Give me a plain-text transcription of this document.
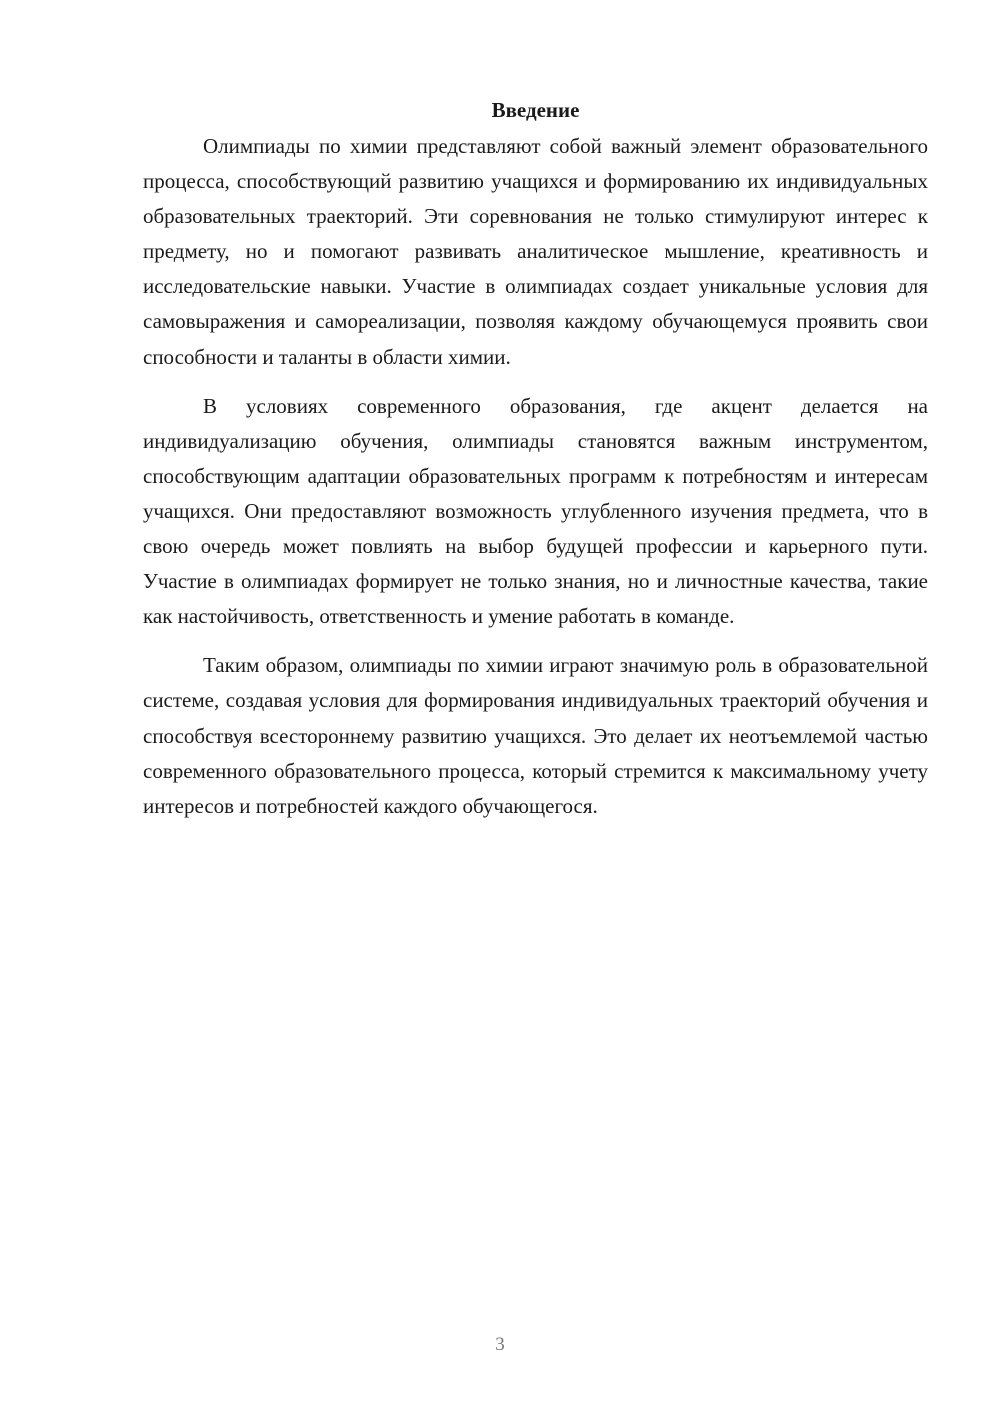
Введение

Олимпиады по химии представляют собой важный элемент образовательного процесса, способствующий развитию учащихся и формированию их индивидуальных образовательных траекторий. Эти соревнования не только стимулируют интерес к предмету, но и помогают развивать аналитическое мышление, креативность и исследовательские навыки. Участие в олимпиадах создает уникальные условия для самовыражения и самореализации, позволяя каждому обучающемуся проявить свои способности и таланты в области химии.

В условиях современного образования, где акцент делается на индивидуализацию обучения, олимпиады становятся важным инструментом, способствующим адаптации образовательных программ к потребностям и интересам учащихся. Они предоставляют возможность углубленного изучения предмета, что в свою очередь может повлиять на выбор будущей профессии и карьерного пути. Участие в олимпиадах формирует не только знания, но и личностные качества, такие как настойчивость, ответственность и умение работать в команде.

Таким образом, олимпиады по химии играют значимую роль в образовательной системе, создавая условия для формирования индивидуальных траекторий обучения и способствуя всестороннему развитию учащихся. Это делает их неотъемлемой частью современного образовательного процесса, который стремится к максимальному учету интересов и потребностей каждого обучающегося.

3
